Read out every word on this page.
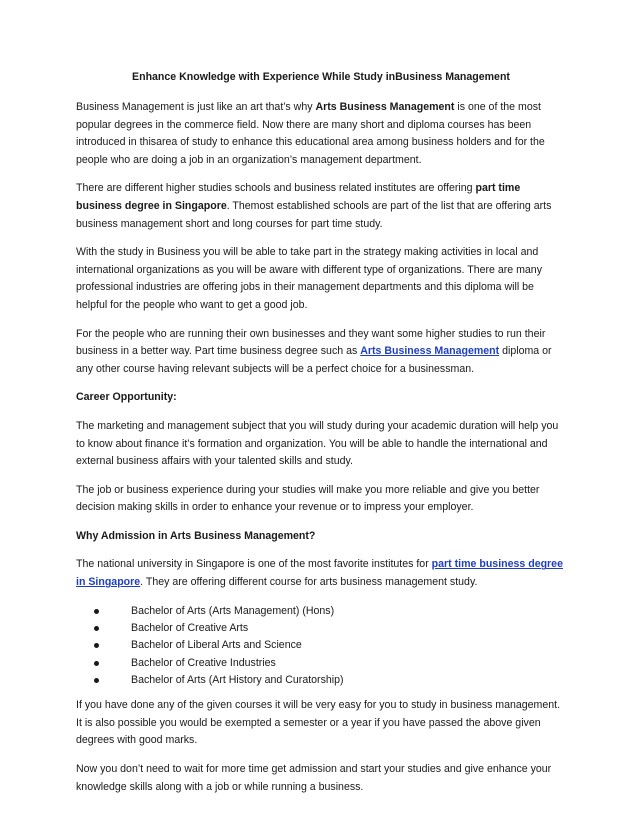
Enhance Knowledge with Experience While Study inBusiness Management

Business Management is just like an art that’s why Arts Business Management is one of the most popular degrees in the commerce field. Now there are many short and diploma courses has been introduced in thisarea of study to enhance this educational area among business holders and for the people who are doing a job in an organization’s management department.

There are different higher studies schools and business related institutes are offering part time business degree in Singapore. Themost established schools are part of the list that are offering arts business management short and long courses for part time study.

With the study in Business you will be able to take part in the strategy making activities in local and international organizations as you will be aware with different type of organizations. There are many professional industries are offering jobs in their management departments and this diploma will be helpful for the people who want to get a good job.

For the people who are running their own businesses and they want some higher studies to run their business in a better way. Part time business degree such as Arts Business Management diploma or any other course having relevant subjects will be a perfect choice for a businessman.

Career Opportunity:

The marketing and management subject that you will study during your academic duration will help you to know about finance it’s formation and organization. You will be able to handle the international and external business affairs with your talented skills and study.

The job or business experience during your studies will make you more reliable and give you better decision making skills in order to enhance your revenue or to impress your employer.

Why Admission in Arts Business Management?

The national university in Singapore is one of the most favorite institutes for part time business degree in Singapore. They are offering different course for arts business management study.

Bachelor of Arts (Arts Management) (Hons)
Bachelor of Creative Arts
Bachelor of Liberal Arts and Science
Bachelor of Creative Industries
Bachelor of Arts (Art History and Curatorship)

If you have done any of the given courses it will be very easy for you to study in business management. It is also possible you would be exempted a semester or a year if you have passed the above given degrees with good marks.

Now you don’t need to wait for more time get admission and start your studies and give enhance your knowledge skills along with a job or while running a business.
